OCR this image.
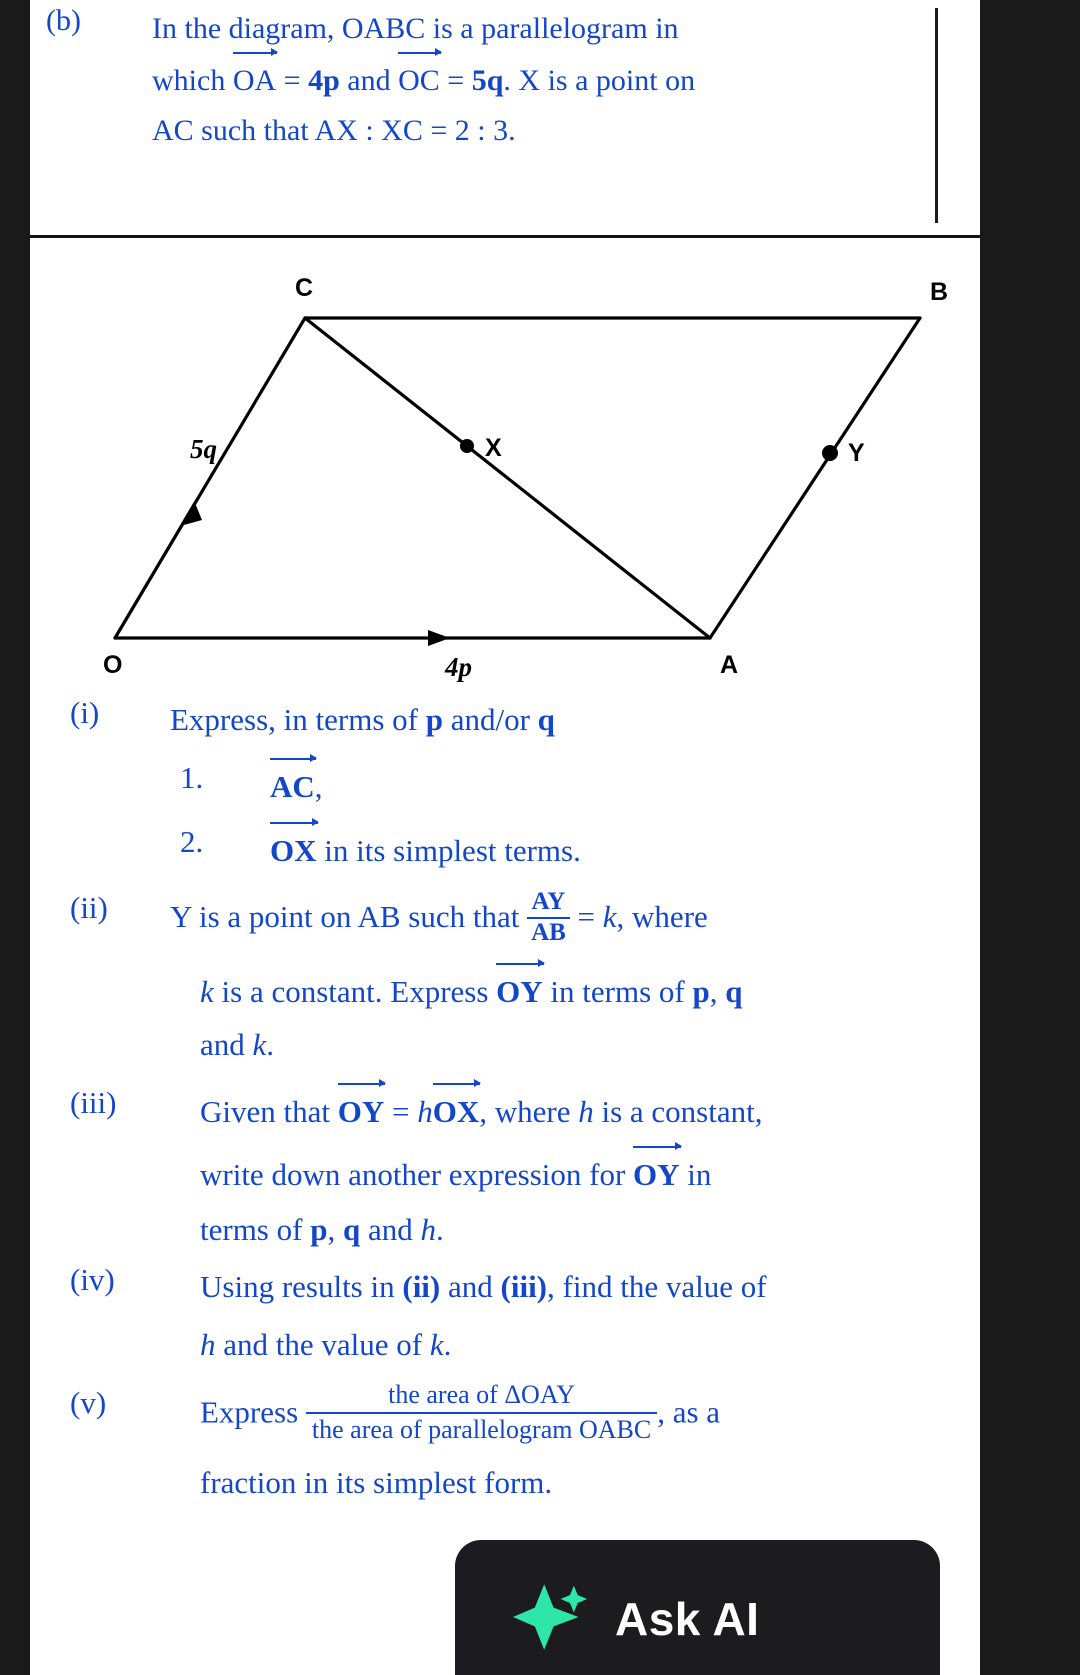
(b) In the diagram, OABC is a parallelogram in
which OA = 4p and OC = 5q. X is a point on
AC such that AX : XC = 2 : 3.
O	A
B
C
X	Y
5q
4p
(i) Express, in terms of p and/or q
1. AC,
2. OX in its simplest terms.
(ii) Y is a point on AB such that $\frac{AY}{AB} = k$, where
k is a constant. Express OY in terms of p, q
and k.
(iii)	Given that OY = hOX, where h is a constant,
write down another expression for OY in
terms of p, q and h.
(iv)	Using results in (ii) and (iii), find the value of
h and the value of k.
(v)	Express $\frac{\text{the area of ΔOAY}}{\text{the area of parallelogram OABC}}$ , as a
fraction in its simplest form.
Ask AI
